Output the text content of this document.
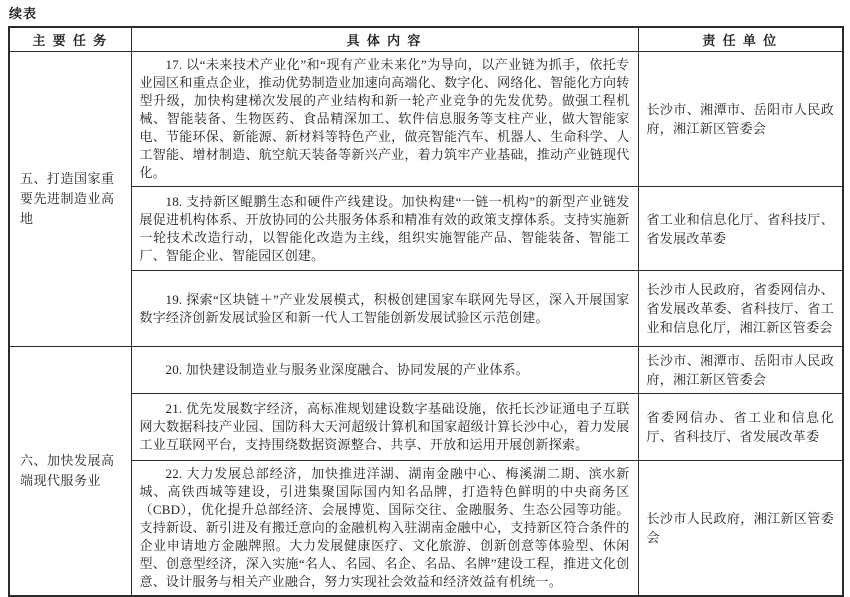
续表
主 要 任 务	具 体 内 容	责 任 单 位
五、打造国家重要先进制造业高地	17. 以“未来技术产业化”和“现有产业未来化”为导向，以产业链为抓手，依托专业园区和重点企业，推动优势制造业加速向高端化、数字化、网络化、智能化方向转型升级，加快构建梯次发展的产业结构和新一轮产业竞争的先发优势。做强工程机械、智能装备、生物医药、食品精深加工、软件信息服务等支柱产业，做大智能家电、节能环保、新能源、新材料等特色产业，做亮智能汽车、机器人、生命科学、人工智能、增材制造、航空航天装备等新兴产业，着力筑牢产业基础，推动产业链现代化。	长沙市、湘潭市、岳阳市人民政府，湘江新区管委会
	18. 支持新区鲲鹏生态和硬件产线建设。加快构建“一链一机构”的新型产业链发展促进机构体系、开放协同的公共服务体系和精准有效的政策支撑体系。支持实施新一轮技术改造行动，以智能化改造为主线，组织实施智能产品、智能装备、智能工厂、智能企业、智能园区创建。	省工业和信息化厅、省科技厅、省发展改革委
	19. 探索“区块链＋”产业发展模式，积极创建国家车联网先导区，深入开展国家数字经济创新发展试验区和新一代人工智能创新发展试验区示范创建。	长沙市人民政府，省委网信办、省发展改革委、省科技厅、省工业和信息化厅，湘江新区管委会
六、加快发展高端现代服务业	20. 加快建设制造业与服务业深度融合、协同发展的产业体系。	长沙市、湘潭市、岳阳市人民政府，湘江新区管委会
	21. 优先发展数字经济，高标准规划建设数字基础设施，依托长沙证通电子互联网大数据科技产业园、国防科大天河超级计算机和国家超级计算长沙中心，着力发展工业互联网平台，支持围绕数据资源整合、共享、开放和运用开展创新探索。	省委网信办、省工业和信息化厅、省科技厅、省发展改革委
	22. 大力发展总部经济，加快推进洋湖、湖南金融中心、梅溪湖二期、滨水新城、高铁西城等建设，引进集聚国际国内知名品牌，打造特色鲜明的中央商务区（CBD），优化提升总部经济、会展博览、国际交往、金融服务、生态公园等功能。支持新设、新引进及有搬迁意向的金融机构入驻湖南金融中心，支持新区符合条件的企业申请地方金融牌照。大力发展健康医疗、文化旅游、创新创意等体验型、休闲型、创意型经济，深入实施“名人、名园、名企、名品、名牌”建设工程，推进文化创意、设计服务与相关产业融合，努力实现社会效益和经济效益有机统一。	长沙市人民政府，湘江新区管委会
